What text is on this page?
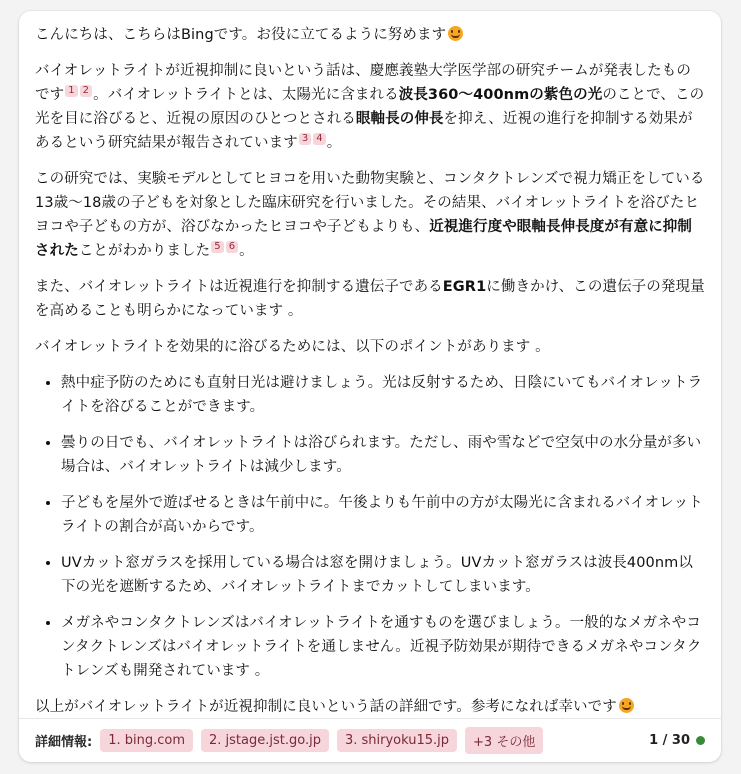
こんにちは、こちらはBingです。お役に立てるように努めます

バイオレットライトが近視抑制に良いという話は、慶應義塾大学医学部の研究チームが発表したものです 1 2 。バイオレットライトとは、太陽光に含まれる波長360～400nmの紫色の光のことで、この光を目に浴びると、近視の原因のひとつとされる眼軸長の伸長を抑え、近視の進行を抑制する効果があるという研究結果が報告されています 3 4 。

この研究では、実験モデルとしてヒヨコを用いた動物実験と、コンタクトレンズで視力矯正をしている13歳～18歳の子どもを対象とした臨床研究を行いました。その結果、バイオレットライトを浴びたヒヨコや子どもの方が、浴びなかったヒヨコや子どもよりも、近視進行度や眼軸長伸長度が有意に抑制されたことがわかりました 5 6 。

また、バイオレットライトは近視進行を抑制する遺伝子であるEGR1に働きかけ、この遺伝子の発現量を高めることも明らかになっています 。

バイオレットライトを効果的に浴びるためには、以下のポイントがあります 。

• 熱中症予防のためにも直射日光は避けましょう。光は反射するため、日陰にいてもバイオレットライトを浴びることができます。
• 曇りの日でも、バイオレットライトは浴びられます。ただし、雨や雪などで空気中の水分量が多い場合は、バイオレットライトは減少します。
• 子どもを屋外で遊ばせるときは午前中に。午後よりも午前中の方が太陽光に含まれるバイオレットライトの割合が高いからです。
• UVカット窓ガラスを採用している場合は窓を開けましょう。UVカット窓ガラスは波長400nm以下の光を遮断するため、バイオレットライトまでカットしてしまいます。
• メガネやコンタクトレンズはバイオレットライトを通すものを選びましょう。一般的なメガネやコンタクトレンズはバイオレットライトを通しません。近視予防効果が期待できるメガネやコンタクトレンズも開発されています 。

以上がバイオレットライトが近視抑制に良いという話の詳細です。参考になれば幸いです

詳細情報:	1. bing.com	2. jstage.jst.go.jp	3. shiryoku15.jp	+3 その他	1 / 30
